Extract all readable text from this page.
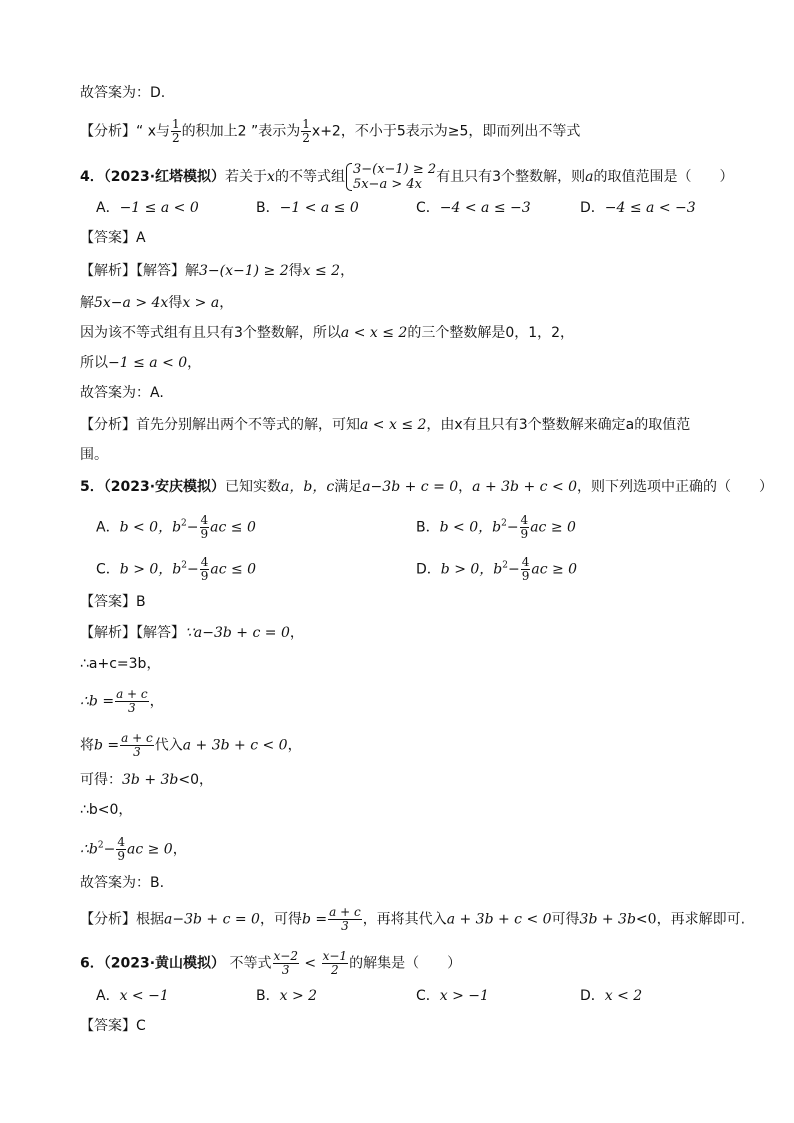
故答案为：D.
【分析】“ x与 $\frac{1}{2}$ 的积加上2 ”表示为 $\frac{1}{2} x+2$，不小于5表示为≥5，即而列出不等式
4．（2023·红塔模拟）若关于x的不等式组 3−(x−1) ≥ 2
5x−a > 4x	有且只有3个整数解，则a的取值范围是（　　）
A．−1 ≤ a < 0	B．−1 < a ≤ 0	C．−4 < a ≤ −3	D．−4 ≤ a < −3
【答案】A
【解析】【解答】解3−(x−1) ≥ 2得x ≤ 2，
解5x−a > 4x得x > a，
因为该不等式组有且只有3个整数解，所以a < x ≤ 2的三个整数解是0，1，2，
所以−1 ≤ a < 0，
故答案为：A.
【分析】首先分别解出两个不等式的解，可知a < x ≤ 2，由x有且只有3个整数解来确定a的取值范
围。
5．（2023·安庆模拟）已知实数a，b，c满足a−3b + c = 0，a + 3b + c < 0，则下列选项中正确的（　　）
A．b < 0，$b^2- \frac{4}{9}$ ac ≤ 0	B．b < 0，$b^2- \frac{4}{9}$ ac ≥ 0
C．b > 0，$b^2- \frac{4}{9}$ ac ≤ 0	D．b > 0，$b^2- \frac{4}{9}$ ac ≥ 0
【答案】B
【解析】【解答】∵a−3b + c = 0，
∴a+c=3b，
∴b = $\frac{a + c}{3}$ ，
将$b = \frac{a + c}{3}$ 代入a + 3b + c < 0，
可得：3b + 3b<0，
∴b<0，
$\therefore b^2- \frac{4}{9}$ ac ≥ 0，
故答案为：B.
【分析】根据a−3b + c = 0，可得$b = \frac{a + c}{3}$ ，再将其代入a + 3b + c < 0可得3b + 3b<0，再求解即可.
6．（2023·黄山模拟） 不等式 $\frac{x-2}{3} < \frac{x-1}{2}$ 的解集是（　　）
A．x < −1	B．x > 2	C．x > −1	D．x < 2
【答案】C
